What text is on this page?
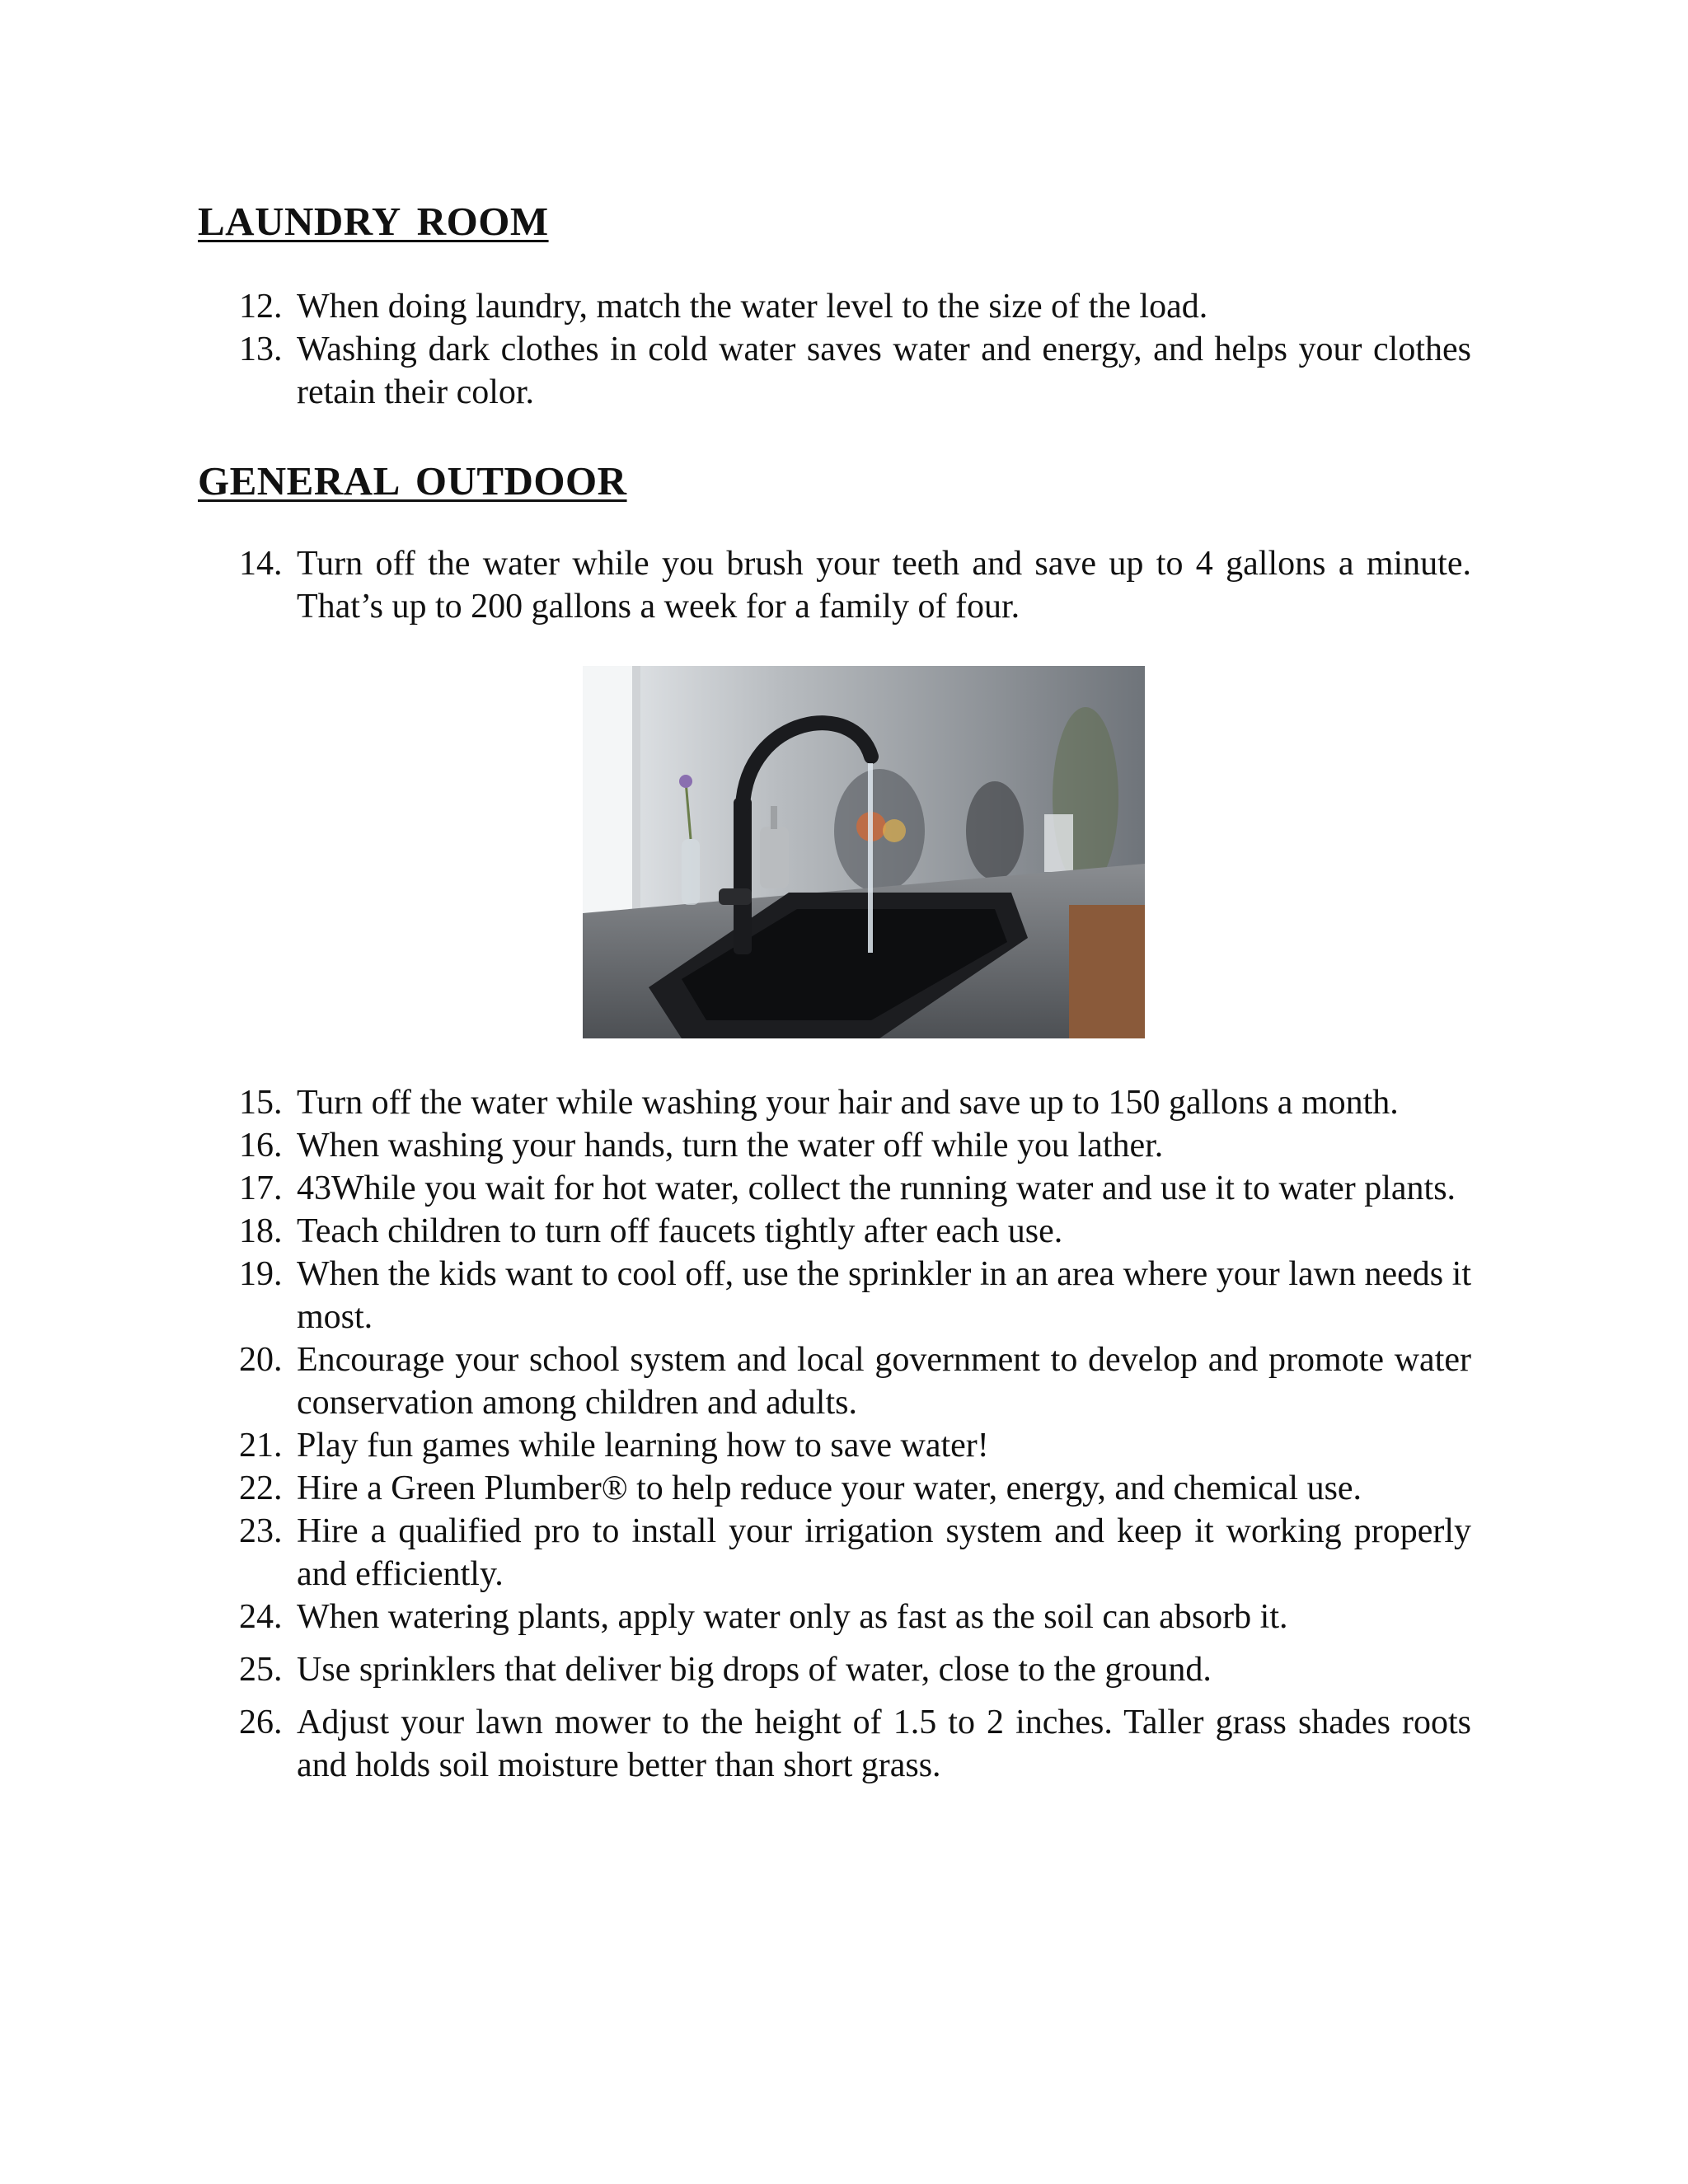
LAUNDRY ROOM
12. When doing laundry, match the water level to the size of the load.
13. Washing dark clothes in cold water saves water and energy, and helps your clothes retain their color.
GENERAL OUTDOOR
14. Turn off the water while you brush your teeth and save up to 4 gallons a minute. That’s up to 200 gallons a week for a family of four.
15. Turn off the water while washing your hair and save up to 150 gallons a month.
16. When washing your hands, turn the water off while you lather.
17. 43While you wait for hot water, collect the running water and use it to water plants.
18. Teach children to turn off faucets tightly after each use.
19. When the kids want to cool off, use the sprinkler in an area where your lawn needs it most.
20. Encourage your school system and local government to develop and promote water conservation among children and adults.
21. Play fun games while learning how to save water!
22. Hire a Green Plumber® to help reduce your water, energy, and chemical use.
23. Hire a qualified pro to install your irrigation system and keep it working properly and efficiently.
24. When watering plants, apply water only as fast as the soil can absorb it.
25. Use sprinklers that deliver big drops of water, close to the ground.
26. Adjust your lawn mower to the height of 1.5 to 2 inches. Taller grass shades roots and holds soil moisture better than short grass.
